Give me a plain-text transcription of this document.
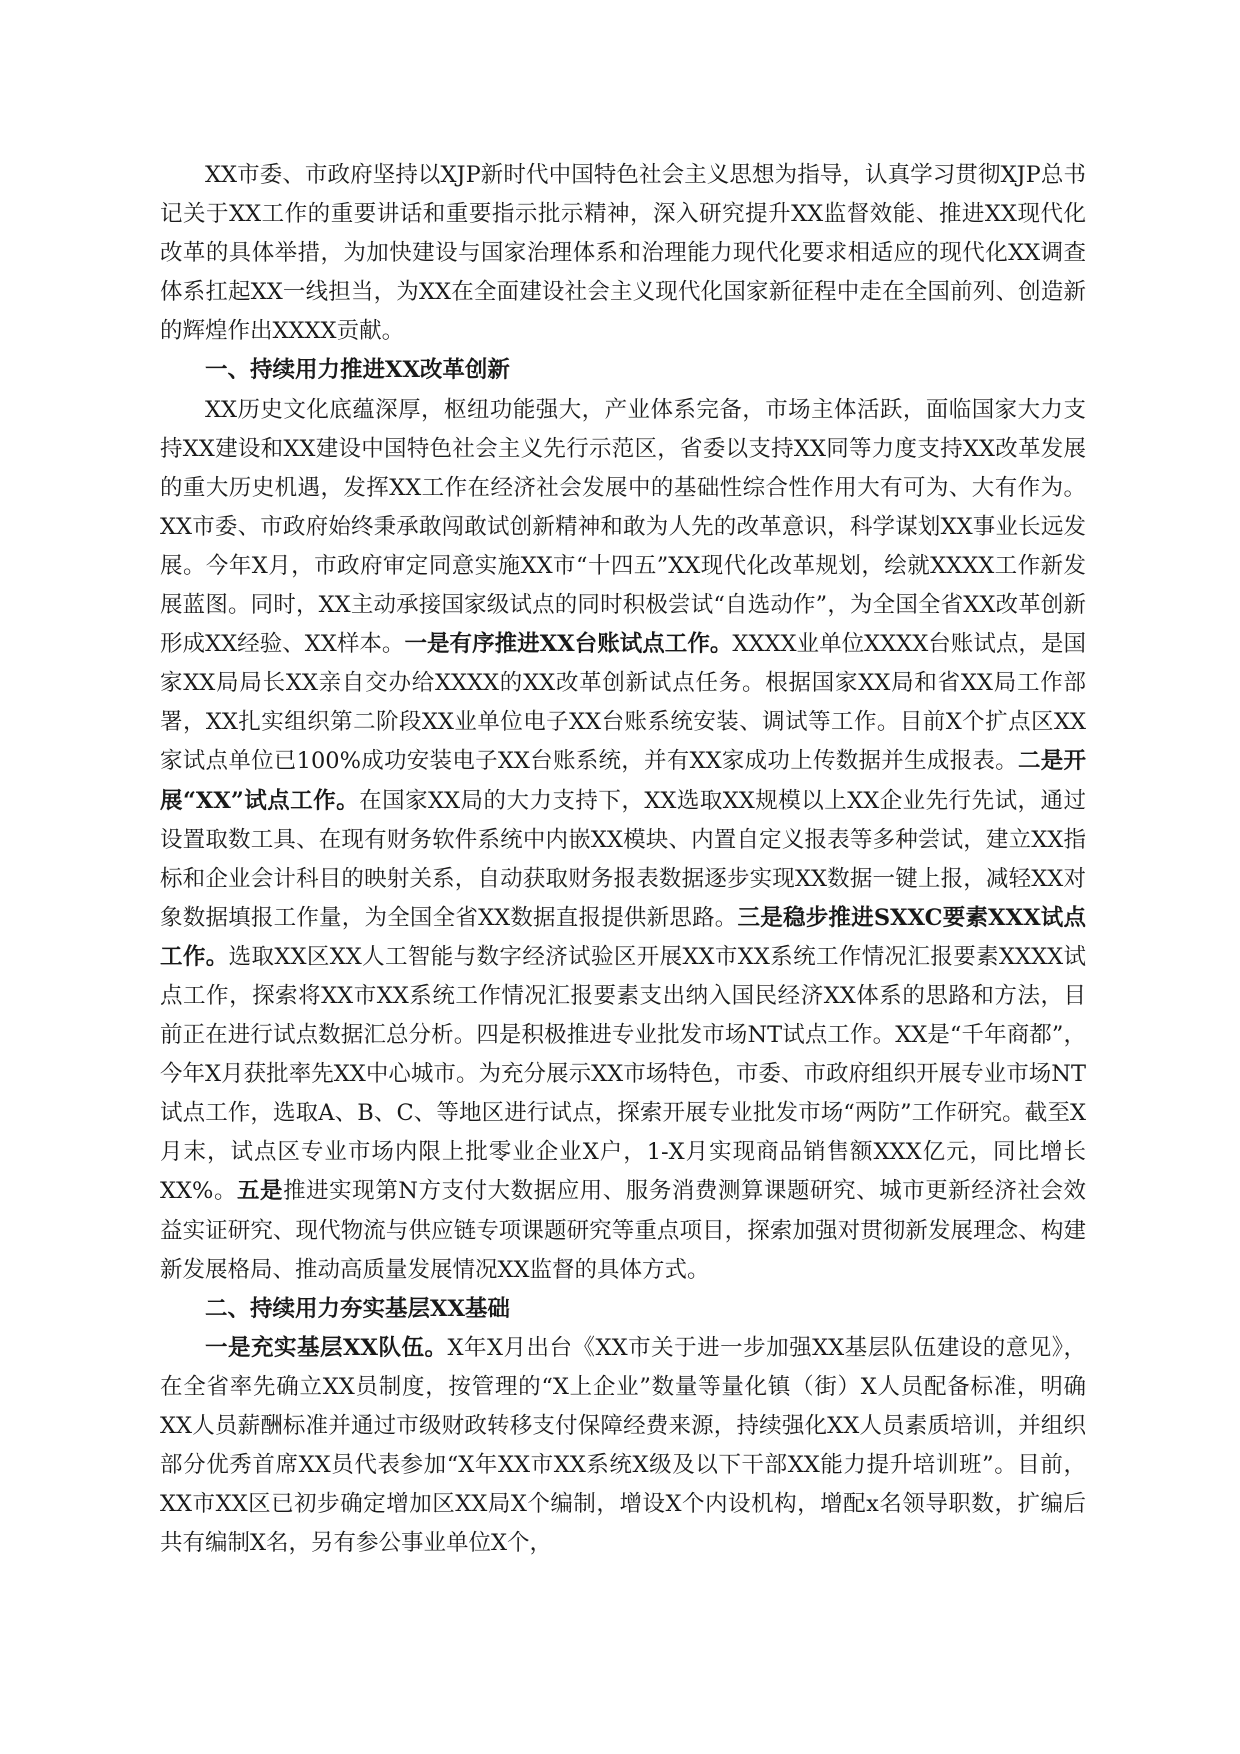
XX市委、市政府坚持以XJP新时代中国特色社会主义思想为指导，认真学习贯彻XJP总书记关于XX工作的重要讲话和重要指示批示精神，深入研究提升XX监督效能、推进XX现代化改革的具体举措，为加快建设与国家治理体系和治理能力现代化要求相适应的现代化XX调查体系扛起XX一线担当，为XX在全面建设社会主义现代化国家新征程中走在全国前列、创造新的辉煌作出XXXX贡献。

一、持续用力推进XX改革创新

XX历史文化底蕴深厚，枢纽功能强大，产业体系完备，市场主体活跃，面临国家大力支持XX建设和XX建设中国特色社会主义先行示范区，省委以支持XX同等力度支持XX改革发展的重大历史机遇，发挥XX工作在经济社会发展中的基础性综合性作用大有可为、大有作为。XX市委、市政府始终秉承敢闯敢试创新精神和敢为人先的改革意识，科学谋划XX事业长远发展。今年X月，市政府审定同意实施XX市“十四五”XX现代化改革规划，绘就XXXX工作新发展蓝图。同时，XX主动承接国家级试点的同时积极尝试“自选动作”，为全国全省XX改革创新形成XX经验、XX样本。一是有序推进XX台账试点工作。XXXX业单位XXXX台账试点，是国家XX局局长XX亲自交办给XXXX的XX改革创新试点任务。根据国家XX局和省XX局工作部署，XX扎实组织第二阶段XX业单位电子XX台账系统安装、调试等工作。目前X个扩点区XX家试点单位已100%成功安装电子XX台账系统，并有XX家成功上传数据并生成报表。二是开展“XX”试点工作。在国家XX局的大力支持下，XX选取XX规模以上XX企业先行先试，通过设置取数工具、在现有财务软件系统中内嵌XX模块、内置自定义报表等多种尝试，建立XX指标和企业会计科目的映射关系，自动获取财务报表数据逐步实现XX数据一键上报，减轻XX对象数据填报工作量，为全国全省XX数据直报提供新思路。三是稳步推进SXXC要素XXX试点工作。选取XX区XX人工智能与数字经济试验区开展XX市XX系统工作情况汇报要素XXXX试点工作，探索将XX市XX系统工作情况汇报要素支出纳入国民经济XX体系的思路和方法，目前正在进行试点数据汇总分析。四是积极推进专业批发市场NT试点工作。XX是“千年商都”，今年X月获批率先XX中心城市。为充分展示XX市场特色，市委、市政府组织开展专业市场NT试点工作，选取A、B、C、等地区进行试点，探索开展专业批发市场“两防”工作研究。截至X月末，试点区专业市场内限上批零业企业X户，1-X月实现商品销售额XXX亿元，同比增长XX%。五是推进实现第N方支付大数据应用、服务消费测算课题研究、城市更新经济社会效益实证研究、现代物流与供应链专项课题研究等重点项目，探索加强对贯彻新发展理念、构建新发展格局、推动高质量发展情况XX监督的具体方式。

二、持续用力夯实基层XX基础

一是充实基层XX队伍。X年X月出台《XX市关于进一步加强XX基层队伍建设的意见》，在全省率先确立XX员制度，按管理的“X上企业”数量等量化镇（街）X人员配备标准，明确XX人员薪酬标准并通过市级财政转移支付保障经费来源，持续强化XX人员素质培训，并组织部分优秀首席XX员代表参加“X年XX市XX系统X级及以下干部XX能力提升培训班”。目前，XX市XX区已初步确定增加区XX局X个编制，增设X个内设机构，增配x名领导职数，扩编后共有编制X名，另有参公事业单位X个，
